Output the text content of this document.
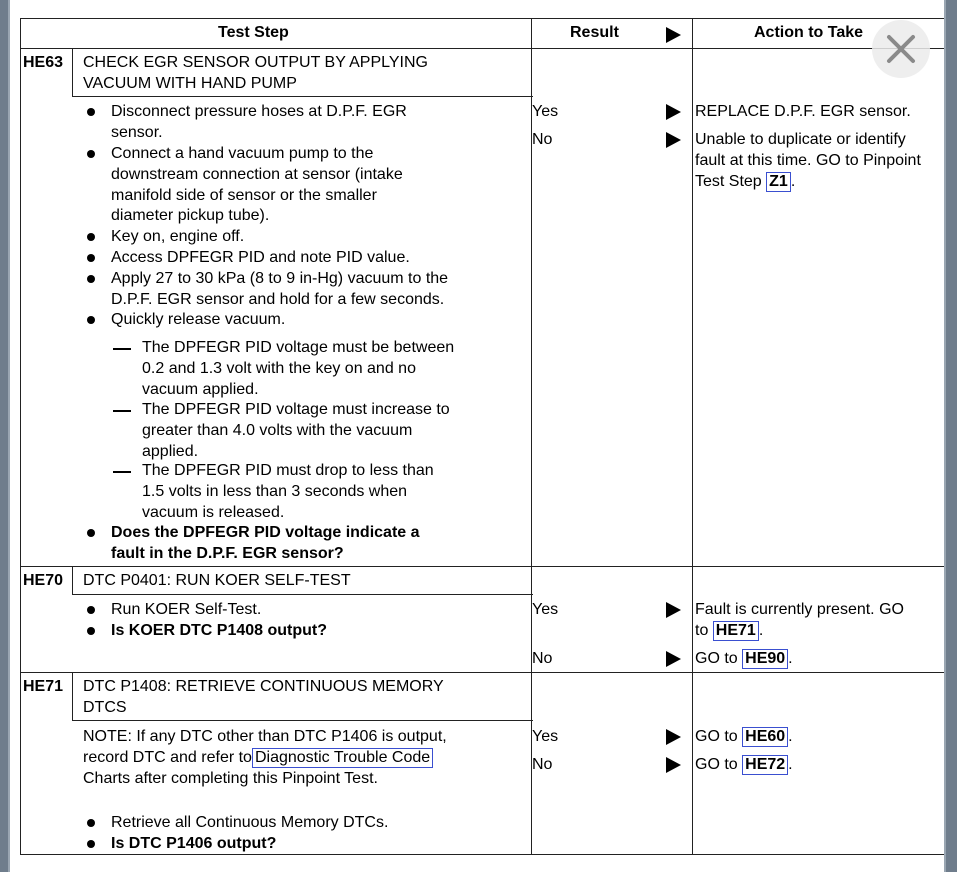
Test Step	Result	Action to Take
HE63 CHECK EGR SENSOR OUTPUT BY APPLYING
VACUUM WITH HAND PUMP
Disconnect pressure hoses at D.P.F. EGR
sensor.
Connect a hand vacuum pump to the
downstream connection at sensor (intake
manifold side of sensor or the smaller
diameter pickup tube).
Key on, engine off.
Access DPFEGR PID and note PID value.
Apply 27 to 30 kPa (8 to 9 in-Hg) vacuum to the
D.P.F. EGR sensor and hold for a few seconds.
Quickly release vacuum.
The DPFEGR PID voltage must be between
0.2 and 1.3 volt with the key on and no
vacuum applied.
The DPFEGR PID voltage must increase to
greater than 4.0 volts with the vacuum
applied.
The DPFEGR PID must drop to less than
1.5 volts in less than 3 seconds when
vacuum is released.
Does the DPFEGR PID voltage indicate a
fault in the D.P.F. EGR sensor?
Yes	REPLACE D.P.F. EGR sensor.
No	Unable to duplicate or identify
fault at this time. GO to Pinpoint
Test Step Z1 .
HE70 DTC P0401: RUN KOER SELF-TEST
Run KOER Self-Test.
Is KOER DTC P1408 output?
Yes	Fault is currently present. GO
to HE71 .
No	GO to HE90 .
HE71 DTC P1408: RETRIEVE CONTINUOUS MEMORY
DTCS
NOTE: If any DTC other than DTC P1406 is output,
record DTC and refer to Diagnostic Trouble Code
Charts after completing this Pinpoint Test.
Retrieve all Continuous Memory DTCs.
Is DTC P1406 output?
Yes	GO to HE60 .
No	GO to HE72 .
